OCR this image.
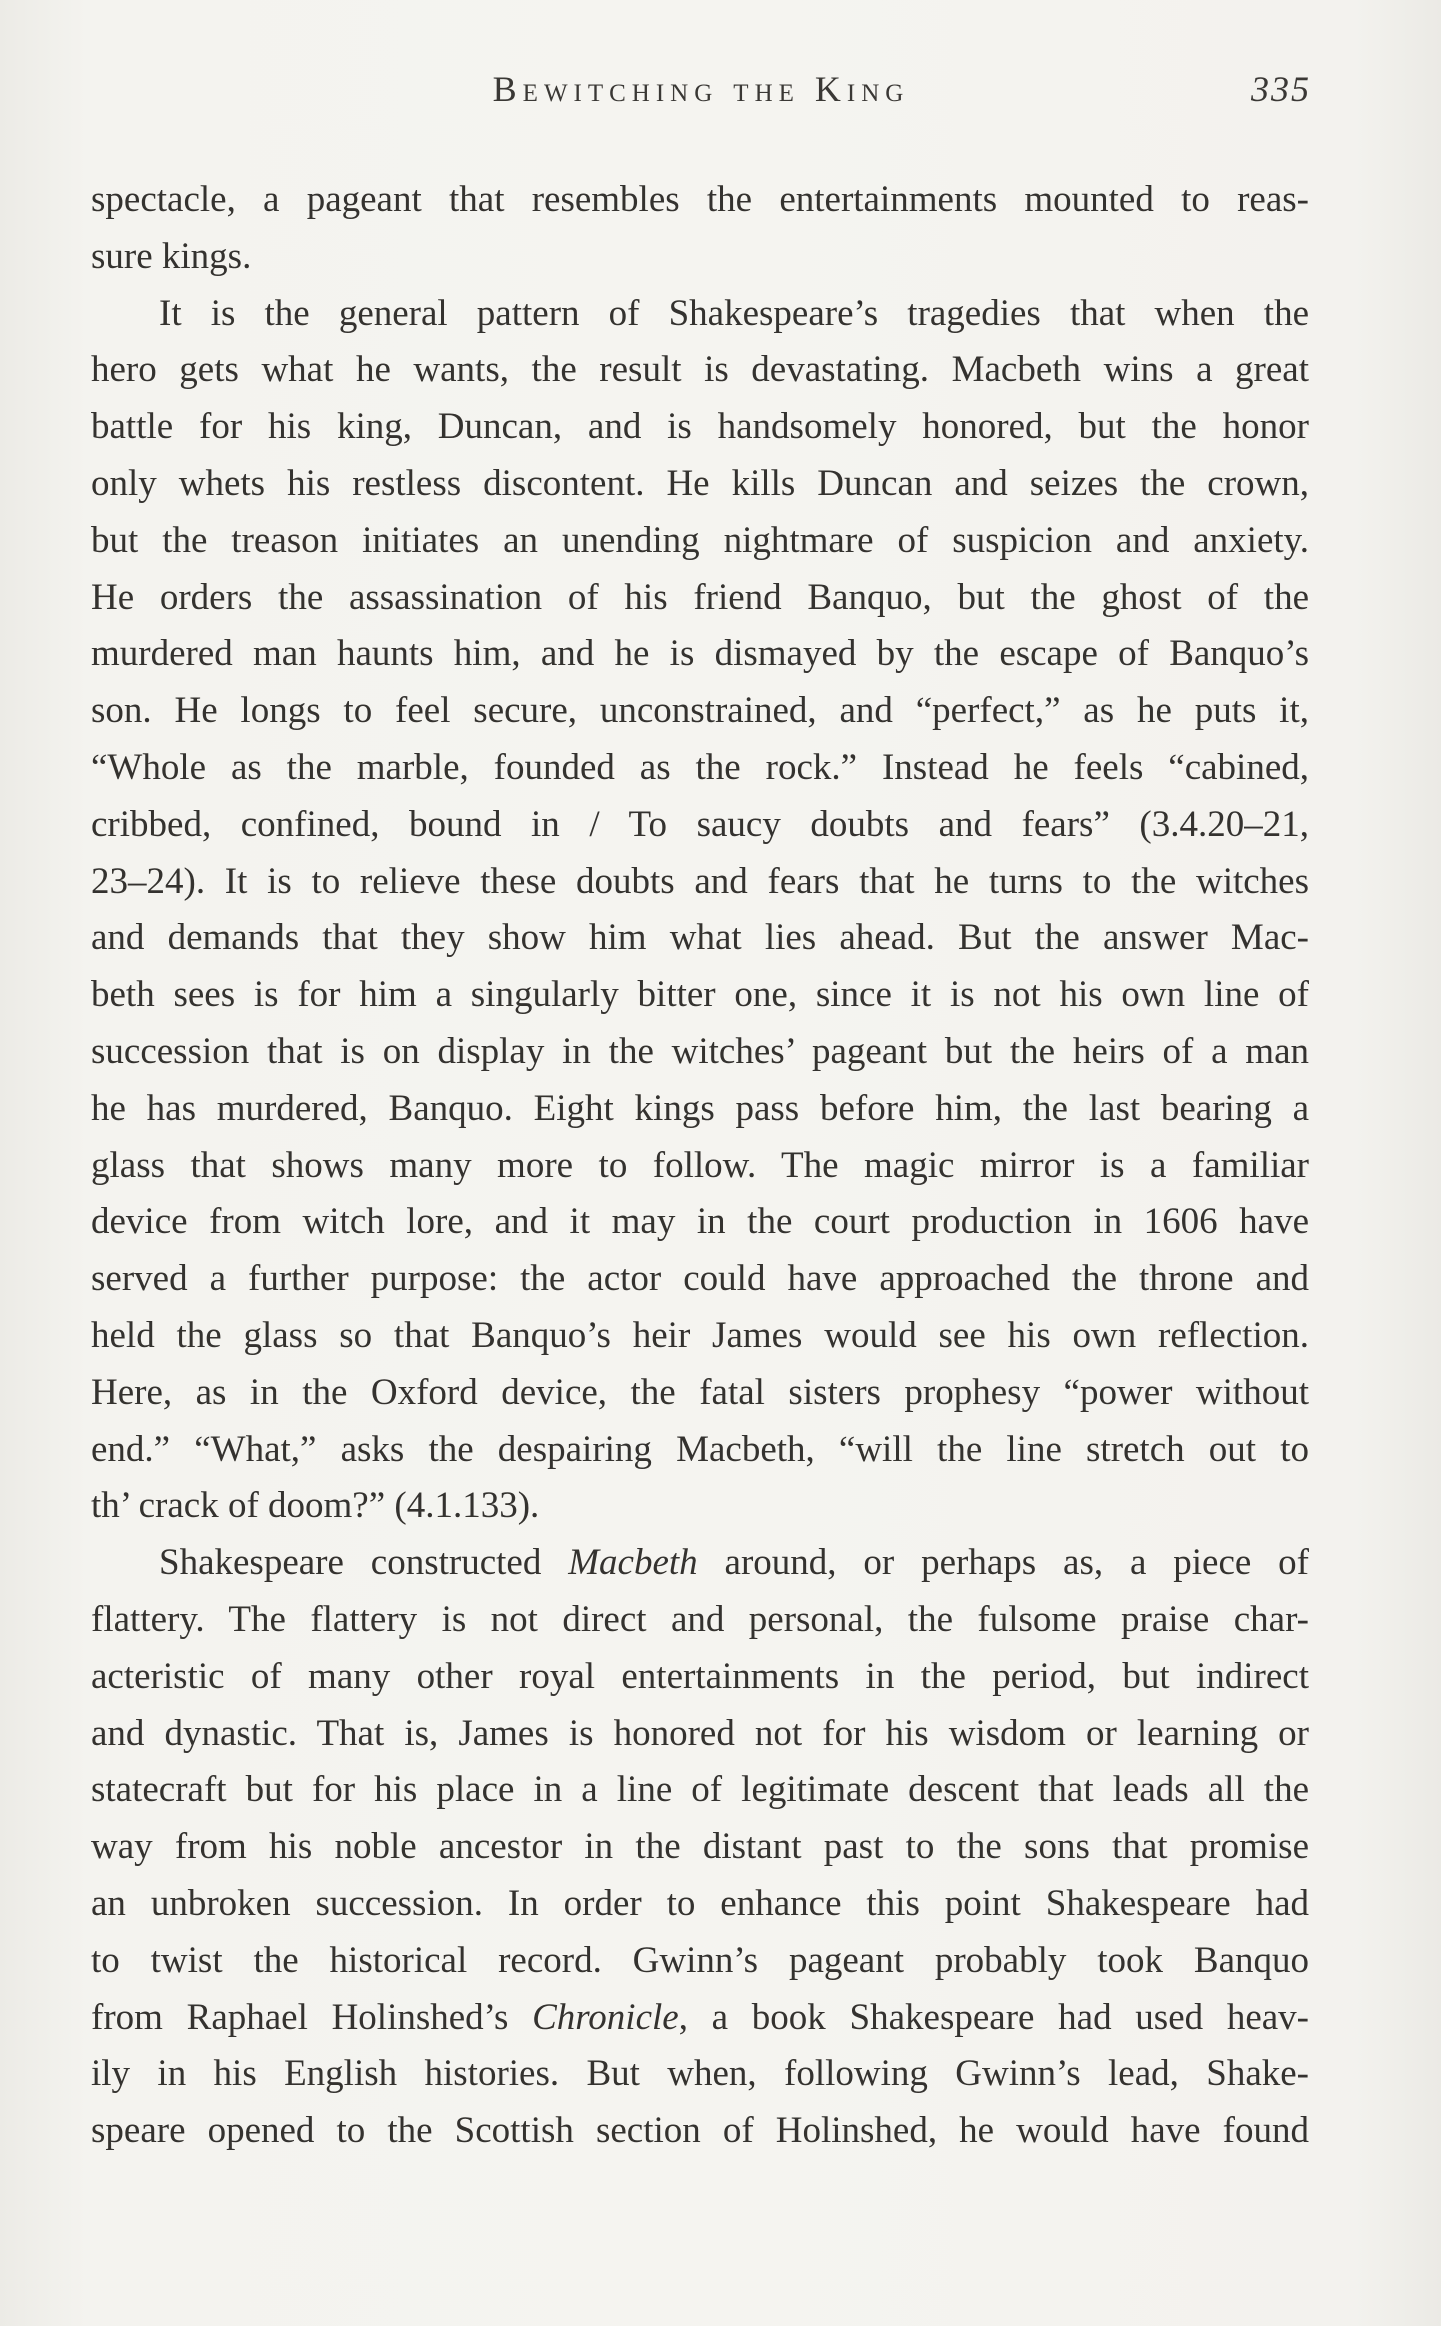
Bewitching the King	335
spectacle, a pageant that resembles the entertainments mounted to reas-
sure kings.
It is the general pattern of Shakespeare’s tragedies that when the
hero gets what he wants, the result is devastating. Macbeth wins a great
battle for his king, Duncan, and is handsomely honored, but the honor
only whets his restless discontent. He kills Duncan and seizes the crown,
but the treason initiates an unending nightmare of suspicion and anxiety.
He orders the assassination of his friend Banquo, but the ghost of the
murdered man haunts him, and he is dismayed by the escape of Banquo’s
son. He longs to feel secure, unconstrained, and “perfect,” as he puts it,
“Whole as the marble, founded as the rock.” Instead he feels “cabined,
cribbed, confined, bound in / To saucy doubts and fears” (3.4.20–21,
23–24). It is to relieve these doubts and fears that he turns to the witches
and demands that they show him what lies ahead. But the answer Mac-
beth sees is for him a singularly bitter one, since it is not his own line of
succession that is on display in the witches’ pageant but the heirs of a man
he has murdered, Banquo. Eight kings pass before him, the last bearing a
glass that shows many more to follow. The magic mirror is a familiar
device from witch lore, and it may in the court production in 1606 have
served a further purpose: the actor could have approached the throne and
held the glass so that Banquo’s heir James would see his own reflection.
Here, as in the Oxford device, the fatal sisters prophesy “power without
end.” “What,” asks the despairing Macbeth, “will the line stretch out to
th’ crack of doom?” (4.1.133).
Shakespeare constructed Macbeth around, or perhaps as, a piece of
flattery. The flattery is not direct and personal, the fulsome praise char-
acteristic of many other royal entertainments in the period, but indirect
and dynastic. That is, James is honored not for his wisdom or learning or
statecraft but for his place in a line of legitimate descent that leads all the
way from his noble ancestor in the distant past to the sons that promise
an unbroken succession. In order to enhance this point Shakespeare had
to twist the historical record. Gwinn’s pageant probably took Banquo
from Raphael Holinshed’s Chronicle, a book Shakespeare had used heav-
ily in his English histories. But when, following Gwinn’s lead, Shake-
speare opened to the Scottish section of Holinshed, he would have found
